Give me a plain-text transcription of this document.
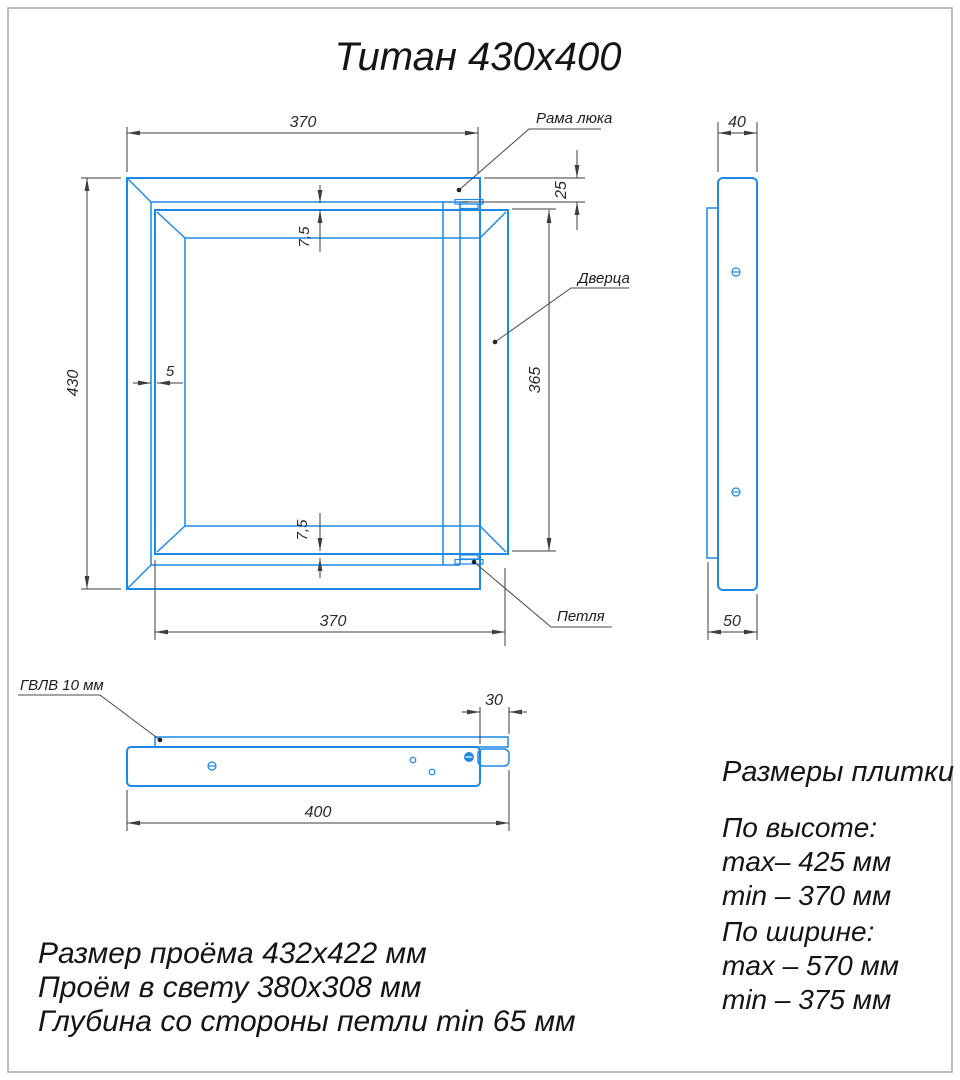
Титан 430x400
370
430	5
7,5
7,5
25
365
370
Рама люка
Дверца
Петля
40
50
30
400
ГВЛВ 10 мм
Размеры плитки
По высоте:
max– 425 мм
min – 370 мм
По ширине:
max – 570 мм
min – 375 мм
Размер проёма 432x422 мм
Проём в свету 380x308 мм
Глубина со стороны петли min 65 мм
